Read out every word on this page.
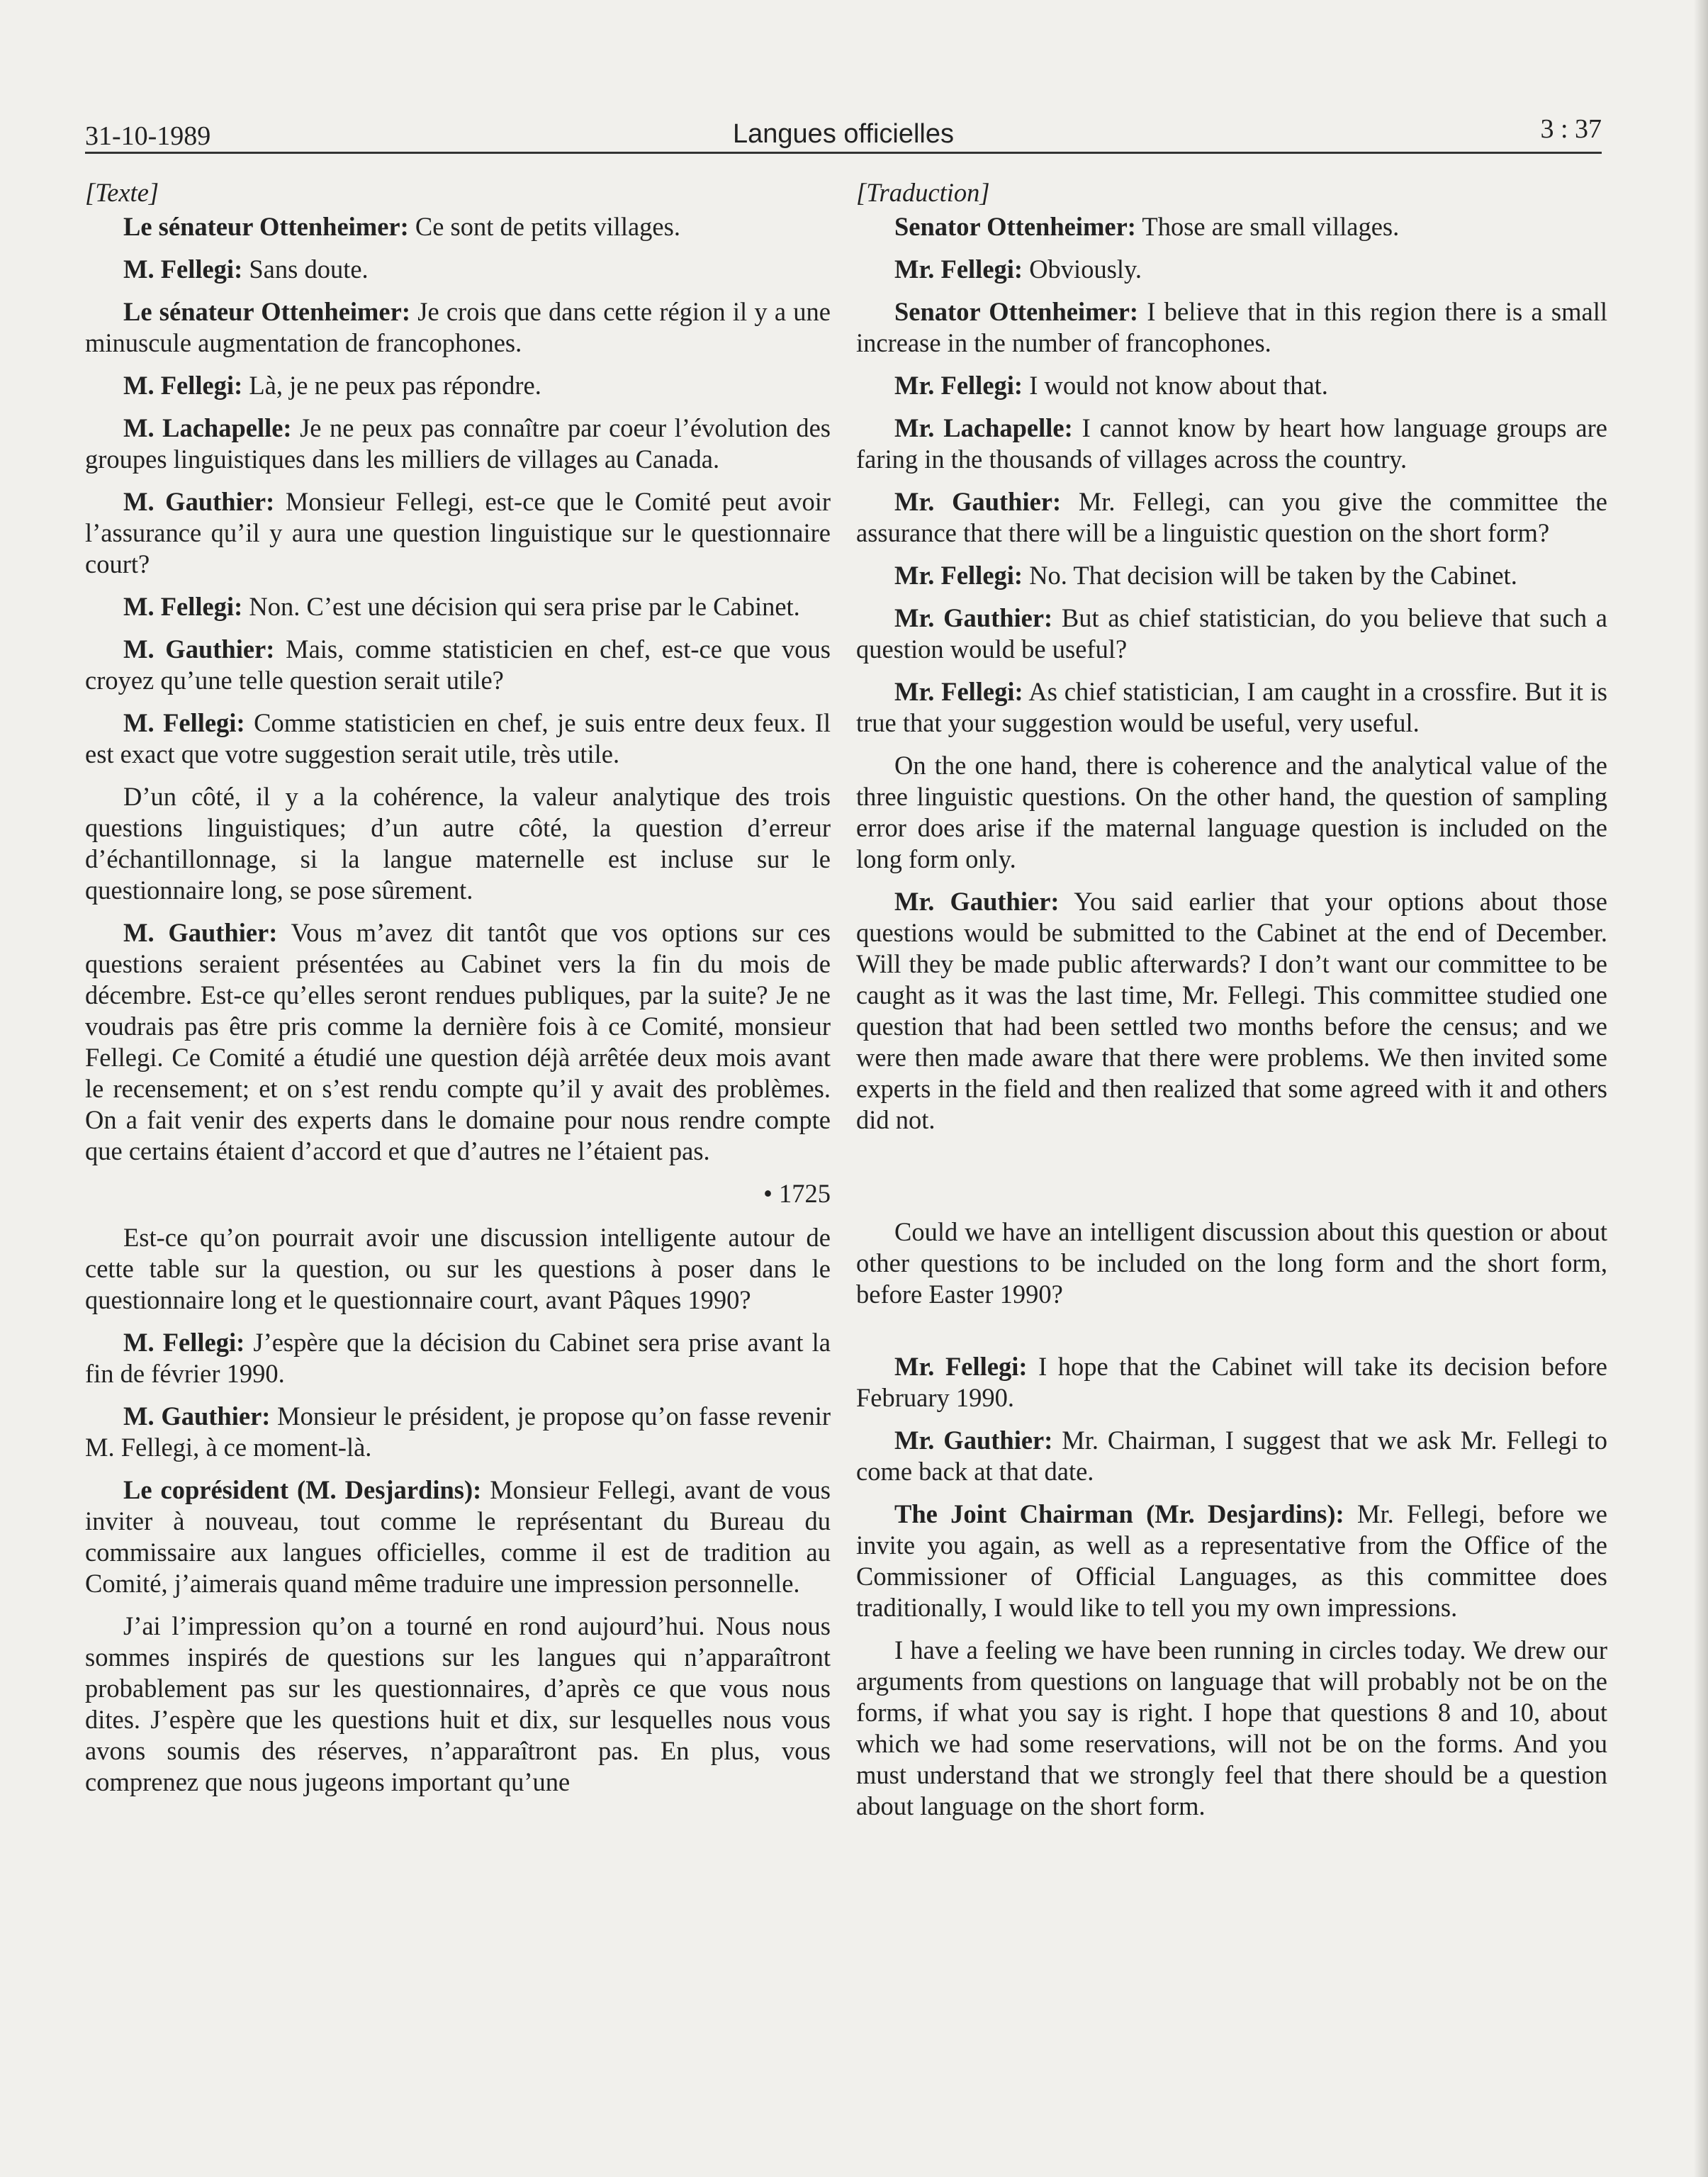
31-10-1989	Langues officielles	3 : 37
[Texte]

Le sénateur Ottenheimer: Ce sont de petits villages.

M. Fellegi: Sans doute.

Le sénateur Ottenheimer: Je crois que dans cette région il y a une minuscule augmentation de francophones.

M. Fellegi: Là, je ne peux pas répondre.

M. Lachapelle: Je ne peux pas connaître par coeur l’évolution des groupes linguistiques dans les milliers de villages au Canada.

M. Gauthier: Monsieur Fellegi, est-ce que le Comité peut avoir l’assurance qu’il y aura une question linguistique sur le questionnaire court?

M. Fellegi: Non. C’est une décision qui sera prise par le Cabinet.

M. Gauthier: Mais, comme statisticien en chef, est-ce que vous croyez qu’une telle question serait utile?

M. Fellegi: Comme statisticien en chef, je suis entre deux feux. Il est exact que votre suggestion serait utile, très utile.

D’un côté, il y a la cohérence, la valeur analytique des trois questions linguistiques; d’un autre côté, la question d’erreur d’échantillonnage, si la langue maternelle est incluse sur le questionnaire long, se pose sûrement.

M. Gauthier: Vous m’avez dit tantôt que vos options sur ces questions seraient présentées au Cabinet vers la fin du mois de décembre. Est-ce qu’elles seront rendues publiques, par la suite? Je ne voudrais pas être pris comme la dernière fois à ce Comité, monsieur Fellegi. Ce Comité a étudié une question déjà arrêtée deux mois avant le recensement; et on s’est rendu compte qu’il y avait des problèmes. On a fait venir des experts dans le domaine pour nous rendre compte que certains étaient d’accord et que d’autres ne l’étaient pas.

• 1725

Est-ce qu’on pourrait avoir une discussion intelligente autour de cette table sur la question, ou sur les questions à poser dans le questionnaire long et le questionnaire court, avant Pâques 1990?

M. Fellegi: J’espère que la décision du Cabinet sera prise avant la fin de février 1990.

M. Gauthier: Monsieur le président, je propose qu’on fasse revenir M. Fellegi, à ce moment-là.

Le coprésident (M. Desjardins): Monsieur Fellegi, avant de vous inviter à nouveau, tout comme le représentant du Bureau du commissaire aux langues officielles, comme il est de tradition au Comité, j’aimerais quand même traduire une impression personnelle.

J’ai l’impression qu’on a tourné en rond aujourd’hui. Nous nous sommes inspirés de questions sur les langues qui n’apparaîtront probablement pas sur les questionnaires, d’après ce que vous nous dites. J’espère que les questions huit et dix, sur lesquelles nous vous avons soumis des réserves, n’apparaîtront pas. En plus, vous comprenez que nous jugeons important qu’une

[Traduction]

Senator Ottenheimer: Those are small villages.

Mr. Fellegi: Obviously.

Senator Ottenheimer: I believe that in this region there is a small increase in the number of francophones.

Mr. Fellegi: I would not know about that.

Mr. Lachapelle: I cannot know by heart how language groups are faring in the thousands of villages across the country.

Mr. Gauthier: Mr. Fellegi, can you give the committee the assurance that there will be a linguistic question on the short form?

Mr. Fellegi: No. That decision will be taken by the Cabinet.

Mr. Gauthier: But as chief statistician, do you believe that such a question would be useful?

Mr. Fellegi: As chief statistician, I am caught in a crossfire. But it is true that your suggestion would be useful, very useful.

On the one hand, there is coherence and the analytical value of the three linguistic questions. On the other hand, the question of sampling error does arise if the maternal language question is included on the long form only.

Mr. Gauthier: You said earlier that your options about those questions would be submitted to the Cabinet at the end of December. Will they be made public afterwards? I don’t want our committee to be caught as it was the last time, Mr. Fellegi. This committee studied one question that had been settled two months before the census; and we were then made aware that there were problems. We then invited some experts in the field and then realized that some agreed with it and others did not.

Could we have an intelligent discussion about this question or about other questions to be included on the long form and the short form, before Easter 1990?

Mr. Fellegi: I hope that the Cabinet will take its decision before February 1990.

Mr. Gauthier: Mr. Chairman, I suggest that we ask Mr. Fellegi to come back at that date.

The Joint Chairman (Mr. Desjardins): Mr. Fellegi, before we invite you again, as well as a representative from the Office of the Commissioner of Official Languages, as this committee does traditionally, I would like to tell you my own impressions.

I have a feeling we have been running in circles today. We drew our arguments from questions on language that will probably not be on the forms, if what you say is right. I hope that questions 8 and 10, about which we had some reservations, will not be on the forms. And you must understand that we strongly feel that there should be a question about language on the short form.
